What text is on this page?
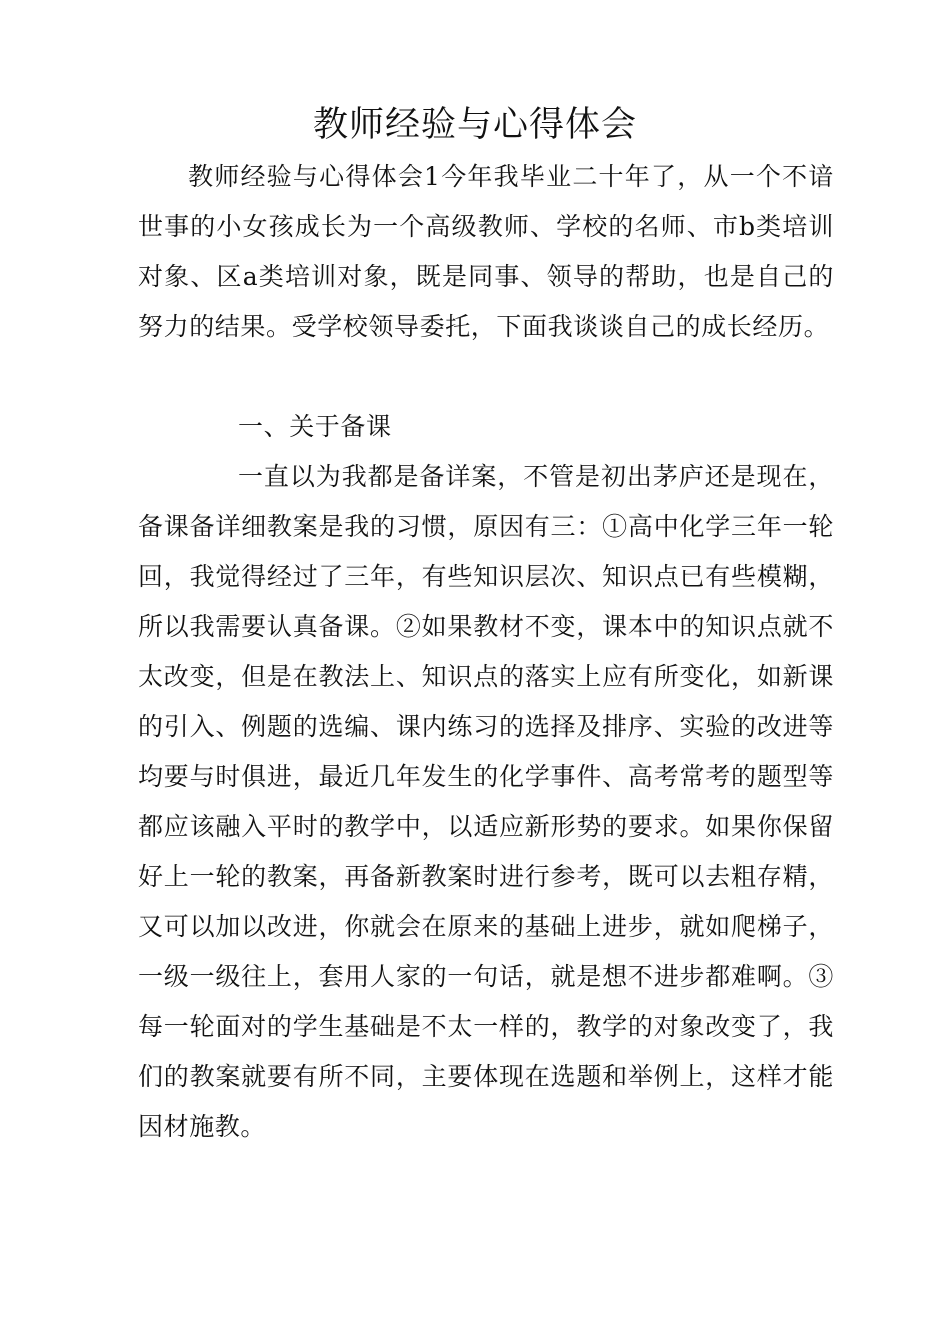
教师经验与心得体会

教师经验与心得体会1今年我毕业二十年了，从一个不谙世事的小女孩成长为一个高级教师、学校的名师、市b类培训对象、区a类培训对象，既是同事、领导的帮助，也是自己的努力的结果。受学校领导委托，下面我谈谈自己的成长经历。

一、关于备课

一直以为我都是备详案，不管是初出茅庐还是现在，备课备详细教案是我的习惯，原因有三：①高中化学三年一轮回，我觉得经过了三年，有些知识层次、知识点已有些模糊，所以我需要认真备课。②如果教材不变，课本中的知识点就不太改变，但是在教法上、知识点的落实上应有所变化，如新课的引入、例题的选编、课内练习的选择及排序、实验的改进等均要与时俱进，最近几年发生的化学事件、高考常考的题型等都应该融入平时的教学中，以适应新形势的要求。如果你保留好上一轮的教案，再备新教案时进行参考，既可以去粗存精，又可以加以改进，你就会在原来的基础上进步，就如爬梯子，一级一级往上，套用人家的一句话，就是想不进步都难啊。③每一轮面对的学生基础是不太一样的，教学的对象改变了，我们的教案就要有所不同，主要体现在选题和举例上，这样才能因材施教。
